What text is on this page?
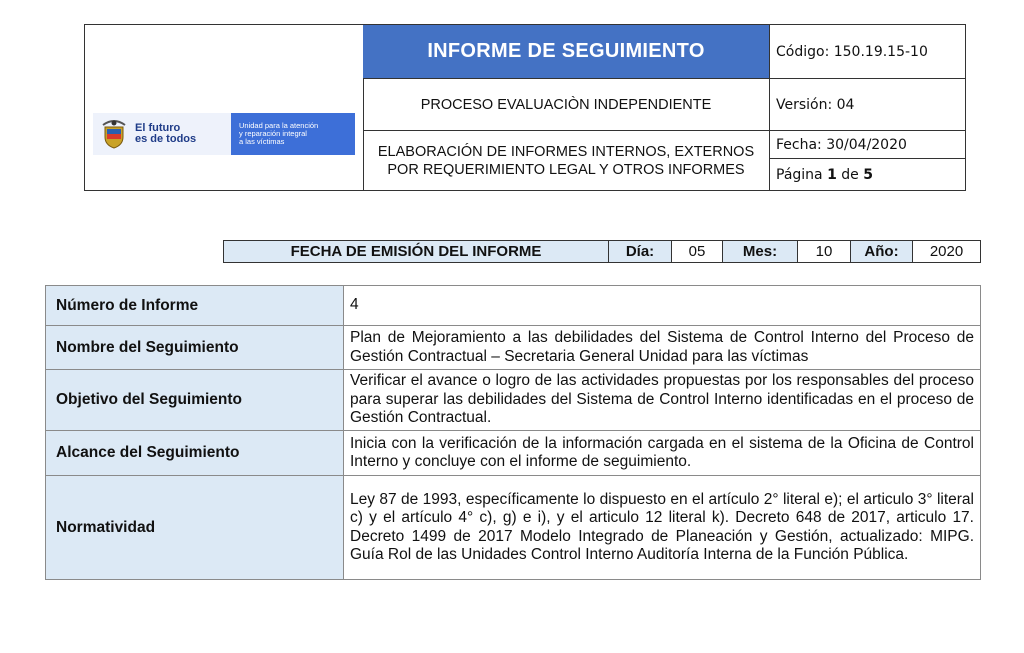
El futuro
es de todos
Unidad para la atención
y reparación integral
a las víctimas
INFORME DE SEGUIMIENTO
PROCESO EVALUACIÒN INDEPENDIENTE
ELABORACIÓN DE INFORMES INTERNOS, EXTERNOS POR REQUERIMIENTO LEGAL Y OTROS INFORMES
Código: 150.19.15-10
Versión: 04
Fecha: 30/04/2020
Página 1 de 5
FECHA DE EMISIÓN DEL INFORME	Día:	05	Mes:	10	Año:	2020
Número de Informe	4
Nombre del Seguimiento	Plan de Mejoramiento a las debilidades del Sistema de Control Interno del Proceso de Gestión Contractual – Secretaria General Unidad para las víctimas
Objetivo del Seguimiento	Verificar el avance o logro de las actividades propuestas por los responsables del proceso para superar las debilidades del Sistema de Control Interno identificadas en el proceso de Gestión Contractual.
Alcance del Seguimiento	Inicia con la verificación de la información cargada en el sistema de la Oficina de Control Interno y concluye con el informe de seguimiento.
Normatividad	Ley 87 de 1993, específicamente lo dispuesto en el artículo 2° literal e); el articulo 3° literal c) y el artículo 4° c), g) e i), y el articulo 12 literal k). Decreto 648 de 2017, articulo 17. Decreto 1499 de 2017 Modelo Integrado de Planeación y Gestión, actualizado: MIPG. Guía Rol de las Unidades Control Interno Auditoría Interna de la Función Pública.
